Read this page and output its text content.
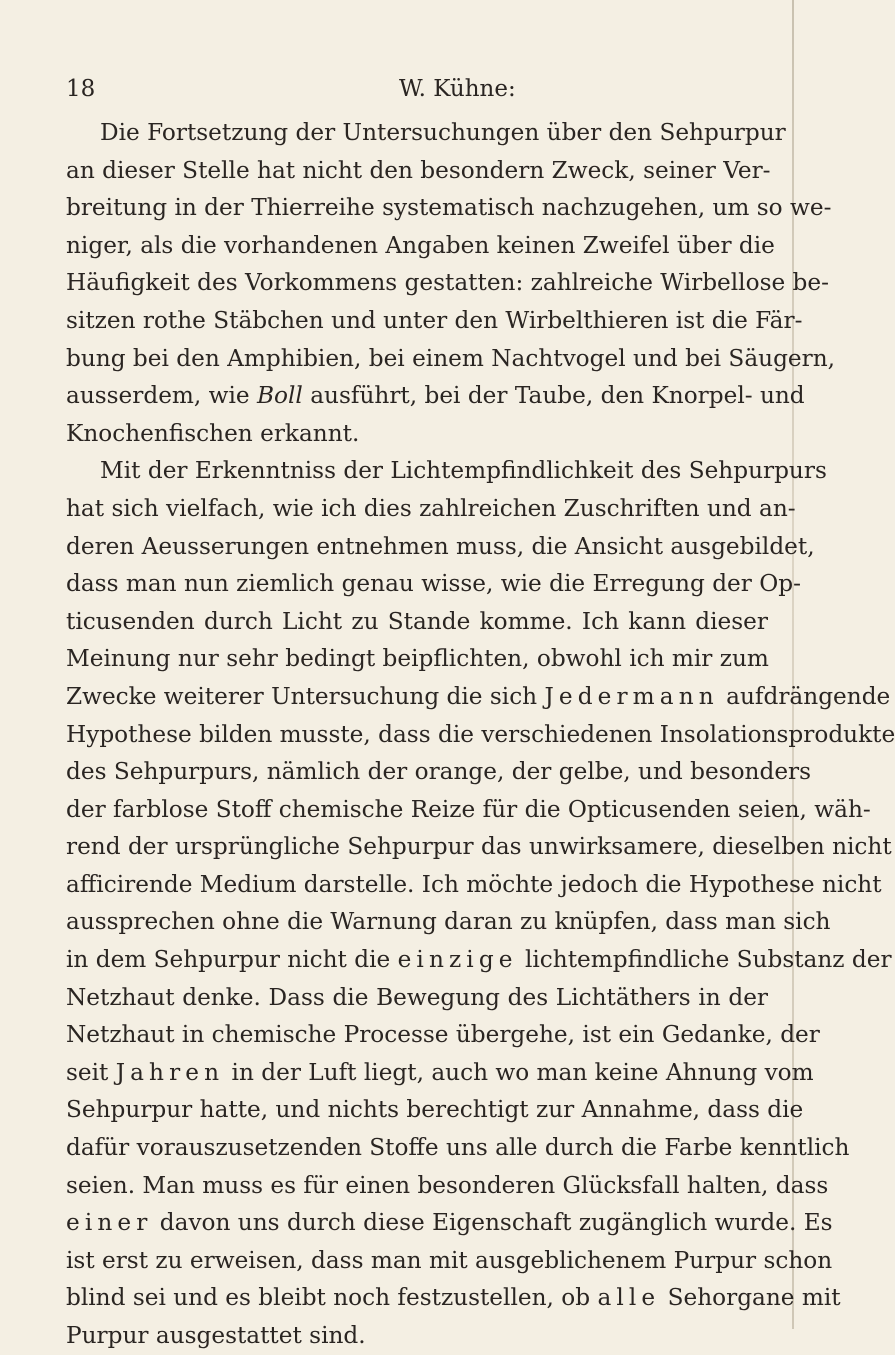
18	W. Kühne:
Die Fortsetzung der Untersuchungen über den Sehpurpur
an dieser Stelle hat nicht den besondern Zweck, seiner Ver-
breitung in der Thierreihe systematisch nachzugehen, um so we-
niger, als die vorhandenen Angaben keinen Zweifel über die
Häufigkeit des Vorkommens gestatten: zahlreiche Wirbellose be-
sitzen rothe Stäbchen und unter den Wirbelthieren ist die Fär-
bung bei den Amphibien, bei einem Nachtvogel und bei Säugern,
ausserdem, wie Boll ausführt, bei der Taube, den Knorpel- und
Knochenfischen erkannt.
Mit der Erkenntniss der Lichtempfindlichkeit des Sehpurpurs
hat sich vielfach, wie ich dies zahlreichen Zuschriften und an-
deren Aeusserungen entnehmen muss, die Ansicht ausgebildet,
dass man nun ziemlich genau wisse, wie die Erregung der Op-
ticusenden durch Licht zu Stande komme. Ich kann dieser
Meinung nur sehr bedingt beipflichten, obwohl ich mir zum
Zwecke weiterer Untersuchung die sich Jedermann aufdrängende
Hypothese bilden musste, dass die verschiedenen Insolationsprodukte
des Sehpurpurs, nämlich der orange, der gelbe, und besonders
der farblose Stoff chemische Reize für die Opticusenden seien, wäh-
rend der ursprüngliche Sehpurpur das unwirksamere, dieselben nicht
afficirende Medium darstelle. Ich möchte jedoch die Hypothese nicht
aussprechen ohne die Warnung daran zu knüpfen, dass man sich
in dem Sehpurpur nicht die einzige lichtempfindliche Substanz der
Netzhaut denke. Dass die Bewegung des Lichtäthers in der
Netzhaut in chemische Processe übergehe, ist ein Gedanke, der
seit Jahren in der Luft liegt, auch wo man keine Ahnung vom
Sehpurpur hatte, und nichts berechtigt zur Annahme, dass die
dafür vorauszusetzenden Stoffe uns alle durch die Farbe kenntlich
seien. Man muss es für einen besonderen Glücksfall halten, dass
einer davon uns durch diese Eigenschaft zugänglich wurde. Es
ist erst zu erweisen, dass man mit ausgeblichenem Purpur schon
blind sei und es bleibt noch festzustellen, ob alle Sehorgane mit
Purpur ausgestattet sind.
